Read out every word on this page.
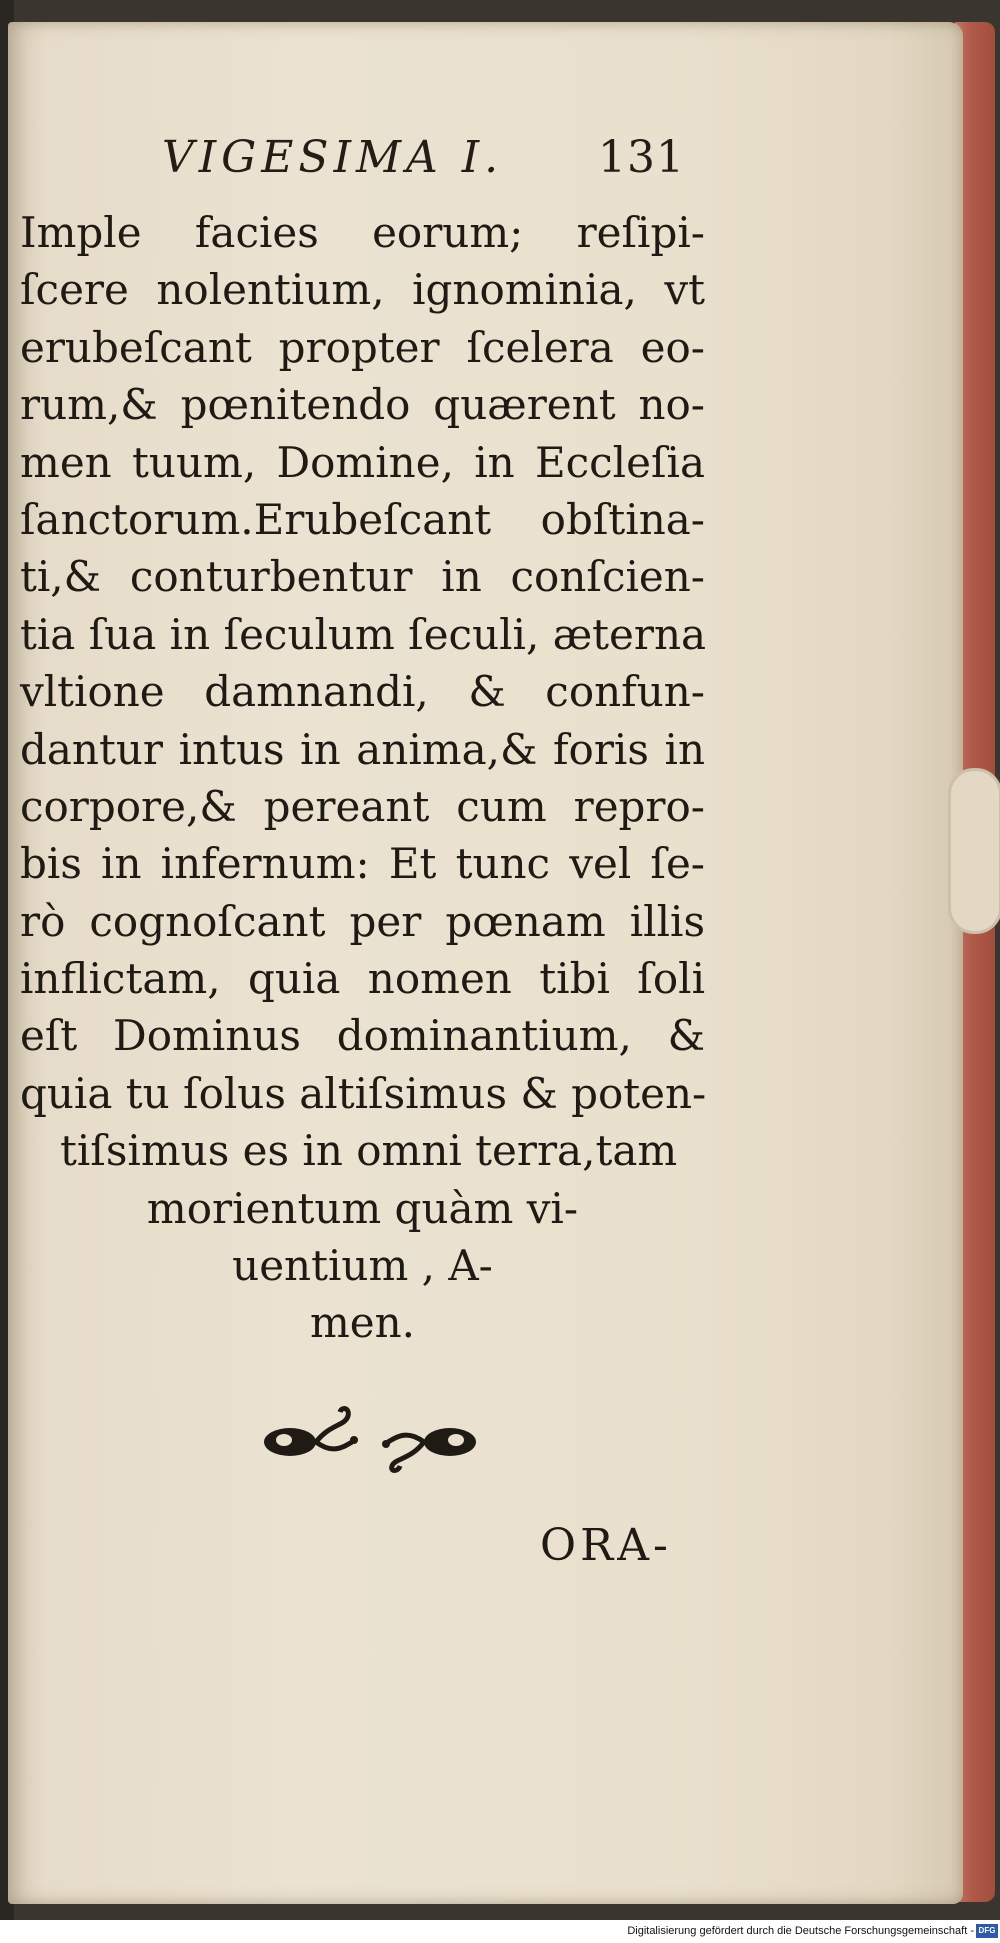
VIGESIMA I. 131
Imple facies eorum; reſipi-
ſcere nolentium, ignominia, vt
erubeſcant propter ſcelera eo-
rum,& pœnitendo quærent no-
men tuum, Domine, in Eccleſia
ſanctorum.Erubeſcant obſtina-
ti,& conturbentur in conſcien-
tia ſua in ſeculum ſeculi, æterna
vltione damnandi, & confun-
dantur intus in anima,& foris in
corpore,& pereant cum repro-
bis in infernum: Et tunc vel ſe-
rò cognoſcant per pœnam illis
inflictam, quia nomen tibi ſoli
eſt Dominus dominantium, &
quia tu ſolus altiſsimus & poten-
tiſsimus es in omni terra,tam
morientum quàm vi-
uentium , A-
men.
ORA-
Digitalisierung gefördert durch die Deutsche Forschungsgemeinschaft - DFG
